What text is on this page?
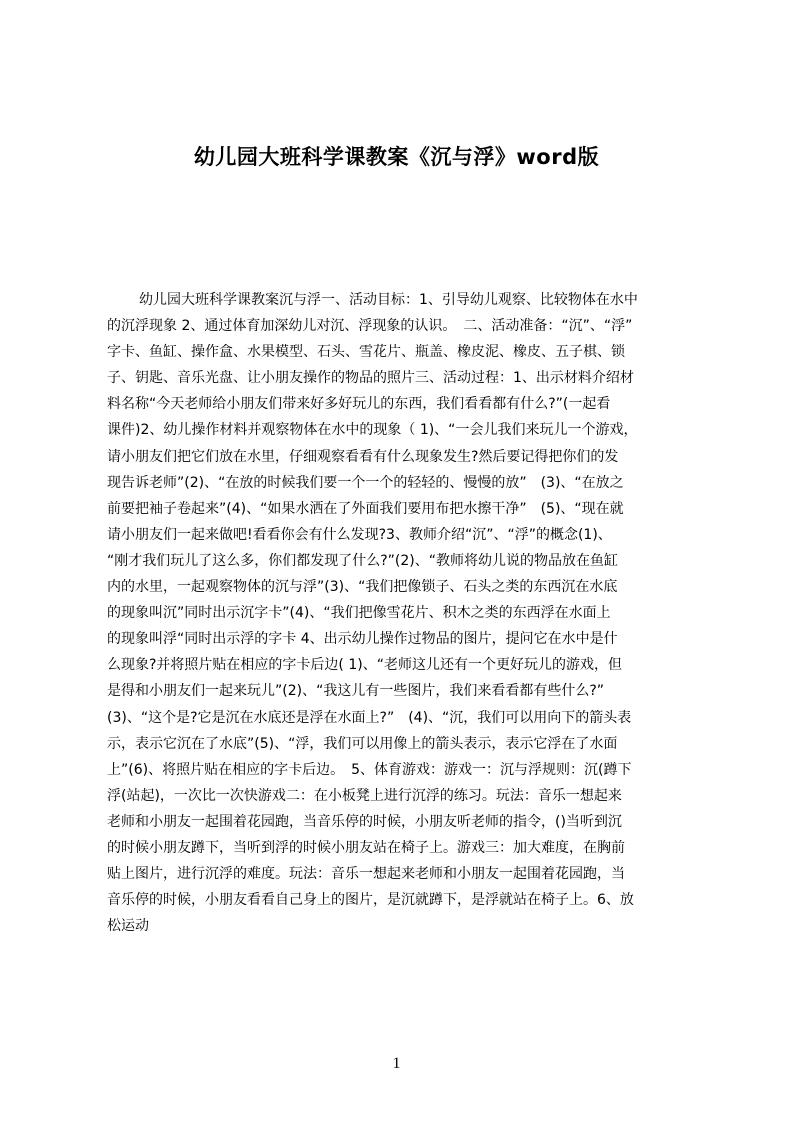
幼儿园大班科学课教案《沉与浮》word版
幼儿园大班科学课教案沉与浮一、活动目标：1、引导幼儿观察、比较物体在水中
的沉浮现象 2、通过体育加深幼儿对沉、浮现象的认识。　二、活动准备：“沉”、“浮”
字卡、鱼缸、操作盒、水果模型、石头、雪花片、瓶盖、橡皮泥、橡皮、五子棋、锁
子、钥匙、音乐光盘、让小朋友操作的物品的照片三、活动过程：1、出示材料介绍材
料名称“今天老师给小朋友们带来好多好玩儿的东西，我们看看都有什么?”(一起看
课件)2、幼儿操作材料并观察物体在水中的现象（ 1)、“一会儿我们来玩儿一个游戏，
请小朋友们把它们放在水里，仔细观察看看有什么现象发生?然后要记得把你们的发
现告诉老师”(2)、“在放的时候我们要一个一个的轻轻的、慢慢的放”　(3)、“在放之
前要把袖子卷起来”(4)、“如果水洒在了外面我们要用布把水擦干净”　(5)、“现在就
请小朋友们一起来做吧!看看你会有什么发现?3、教师介绍“沉”、“浮”的概念(1)、
“刚才我们玩儿了这么多，你们都发现了什么?”(2)、“教师将幼儿说的物品放在鱼缸
内的水里，一起观察物体的沉与浮”(3)、“我们把像锁子、石头之类的东西沉在水底
的现象叫沉”同时出示沉字卡”(4)、“我们把像雪花片、积木之类的东西浮在水面上
的现象叫浮“同时出示浮的字卡 4、出示幼儿操作过物品的图片，提问它在水中是什
么现象?并将照片贴在相应的字卡后边( 1)、“老师这儿还有一个更好玩儿的游戏，但
是得和小朋友们一起来玩儿”(2)、“我这儿有一些图片，我们来看看都有些什么?”
(3)、“这个是?它是沉在水底还是浮在水面上?”　(4)、“沉，我们可以用向下的箭头表
示，表示它沉在了水底”(5)、“浮，我们可以用像上的箭头表示，表示它浮在了水面
上”(6)、将照片贴在相应的字卡后边。　5、体育游戏：游戏一：沉与浮规则：沉(蹲下
浮(站起)，一次比一次快游戏二：在小板凳上进行沉浮的练习。玩法：音乐一想起来
老师和小朋友一起围着花园跑，当音乐停的时候，小朋友听老师的指令，()当听到沉
的时候小朋友蹲下，当听到浮的时候小朋友站在椅子上。游戏三：加大难度，在胸前
贴上图片，进行沉浮的难度。玩法：音乐一想起来老师和小朋友一起围着花园跑，当
音乐停的时候，小朋友看看自己身上的图片，是沉就蹲下，是浮就站在椅子上。6、放
松运动
1
